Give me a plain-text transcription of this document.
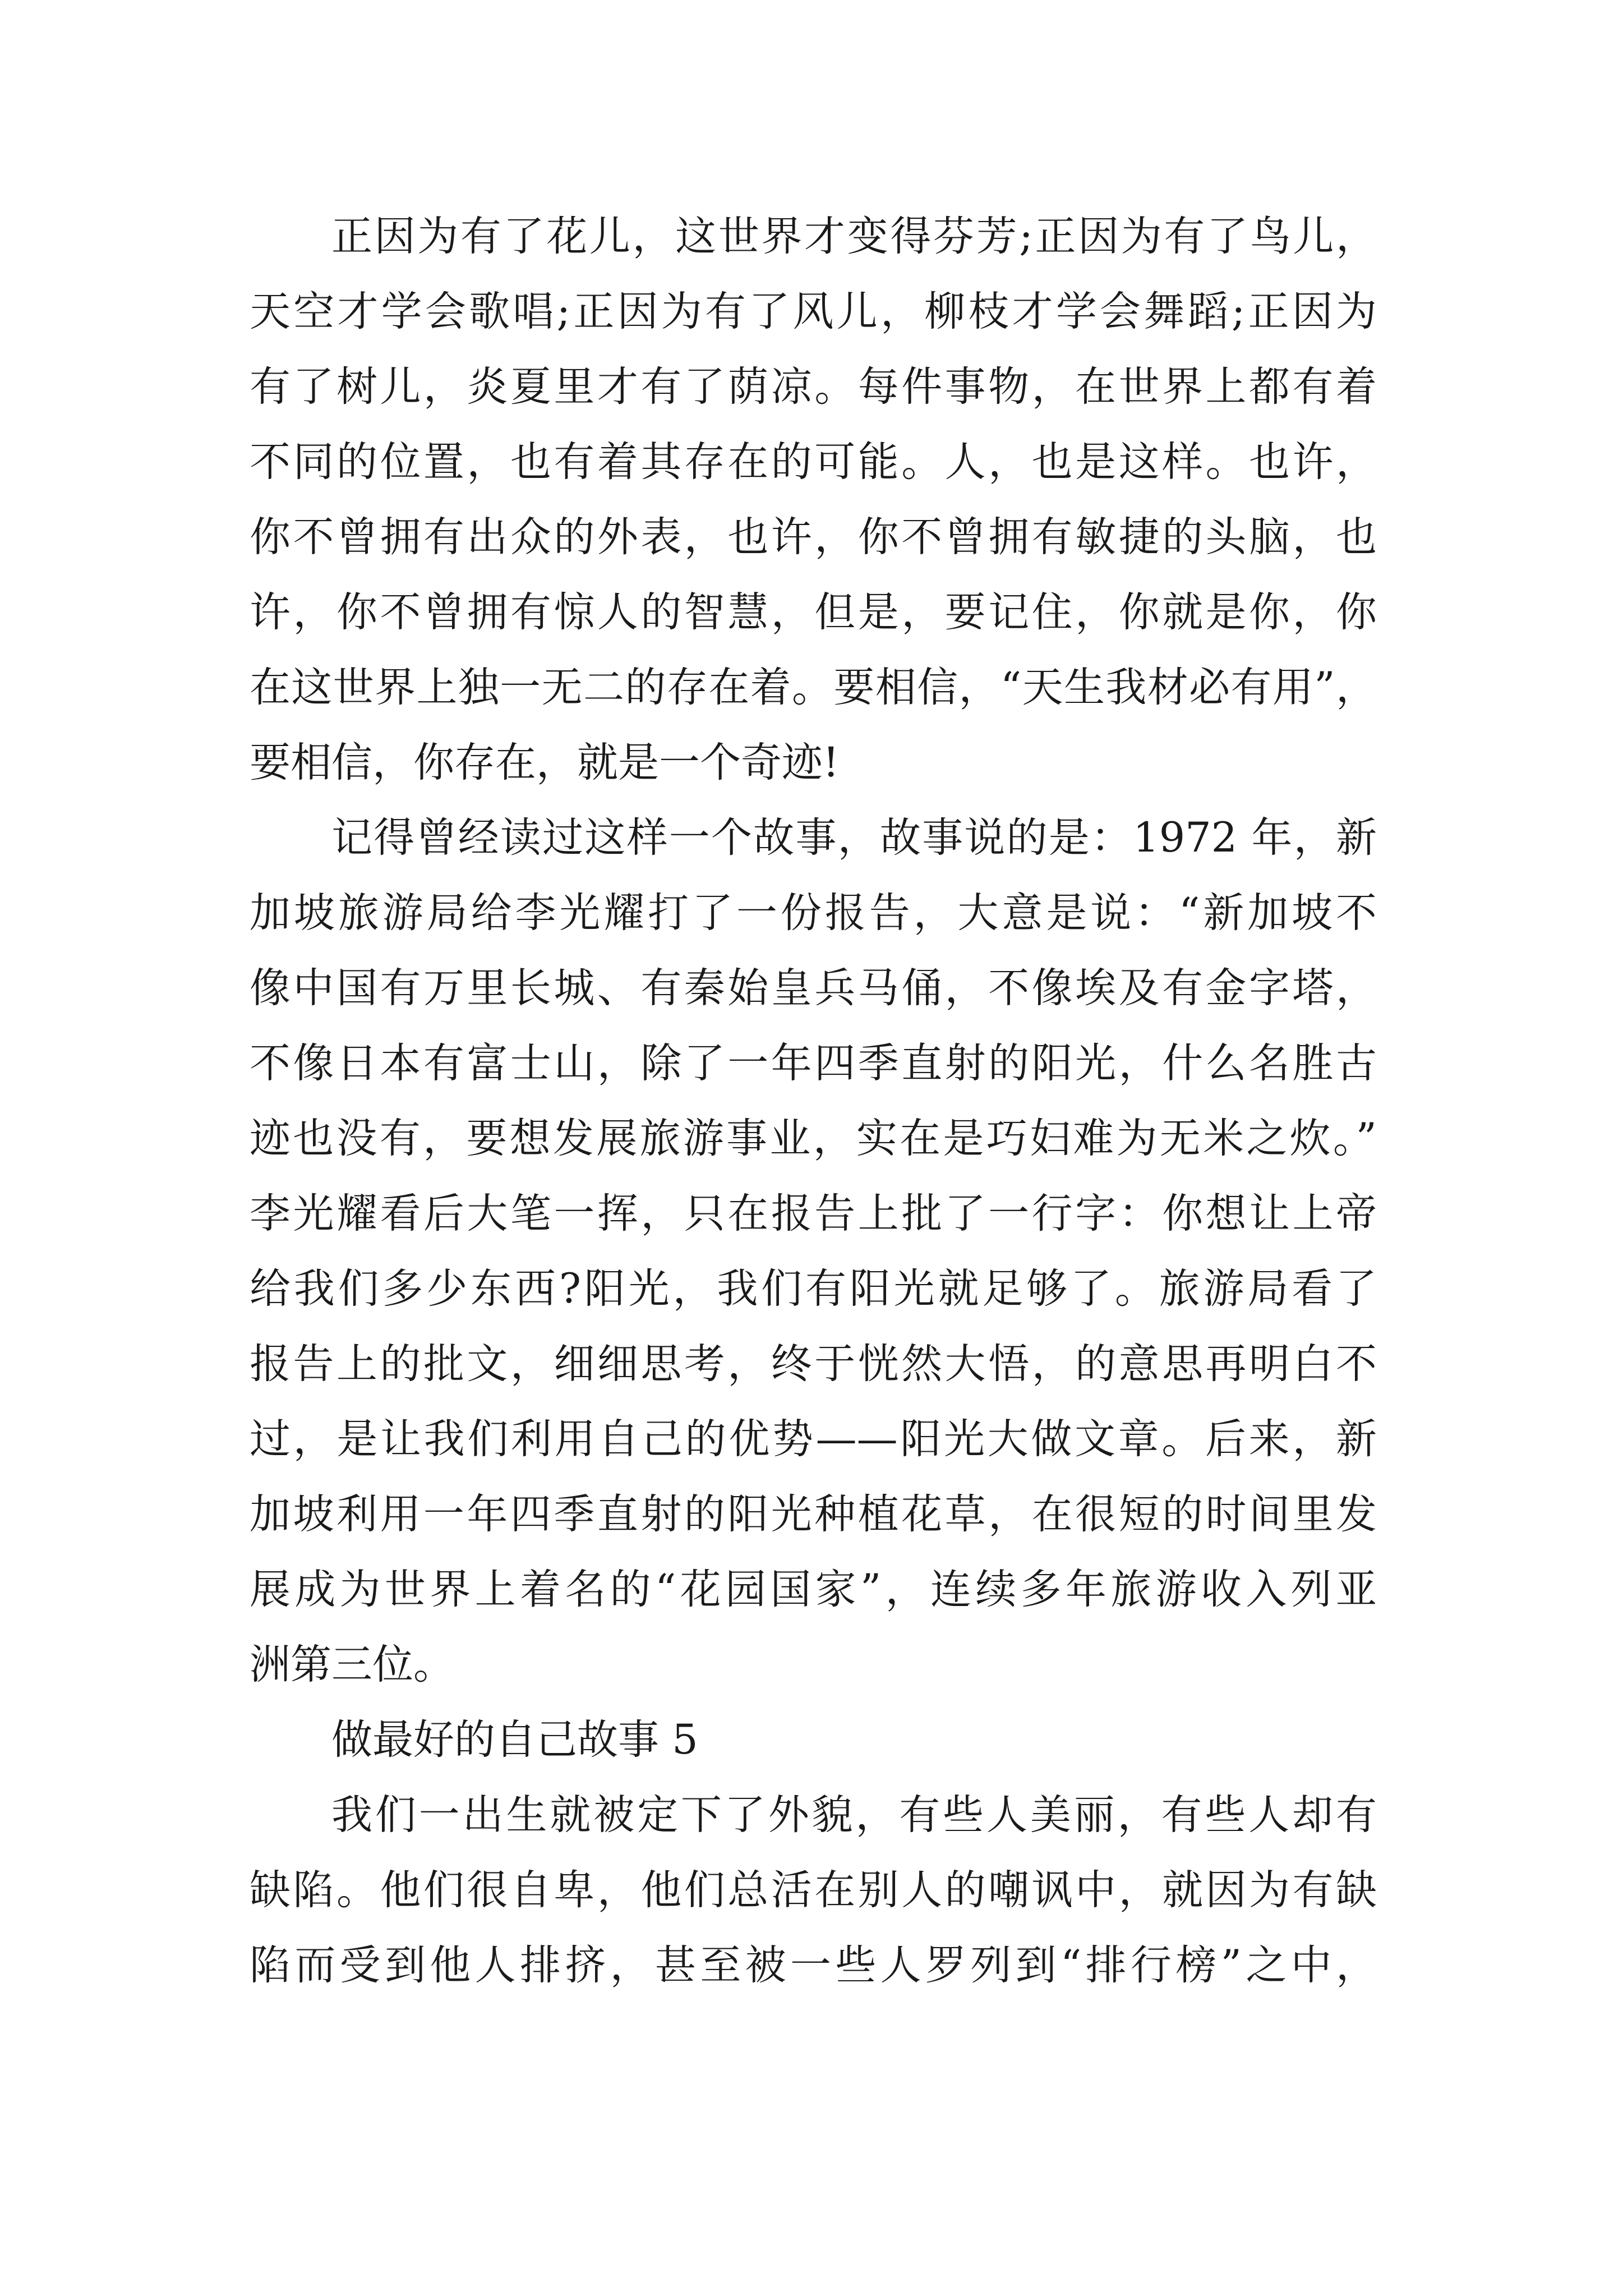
正因为有了花儿，这世界才变得芬芳;正因为有了鸟儿，
天空才学会歌唱;正因为有了风儿，柳枝才学会舞蹈;正因为
有了树儿，炎夏里才有了荫凉。每件事物，在世界上都有着
不同的位置，也有着其存在的可能。人，也是这样。也许，
你不曾拥有出众的外表，也许，你不曾拥有敏捷的头脑，也
许，你不曾拥有惊人的智慧，但是，要记住，你就是你，你
在这世界上独一无二的存在着。要相信，“天生我材必有用”，
要相信，你存在，就是一个奇迹!
记得曾经读过这样一个故事，故事说的是：1972 年，新
加坡旅游局给李光耀打了一份报告，大意是说：“新加坡不
像中国有万里长城、有秦始皇兵马俑，不像埃及有金字塔，
不像日本有富士山，除了一年四季直射的阳光，什么名胜古
迹也没有，要想发展旅游事业，实在是巧妇难为无米之炊。”
李光耀看后大笔一挥，只在报告上批了一行字：你想让上帝
给我们多少东西?阳光，我们有阳光就足够了。旅游局看了
报告上的批文，细细思考，终于恍然大悟，的意思再明白不
过，是让我们利用自己的优势——阳光大做文章。后来，新
加坡利用一年四季直射的阳光种植花草，在很短的时间里发
展成为世界上着名的“花园国家”，连续多年旅游收入列亚
洲第三位。
做最好的自己故事 5
我们一出生就被定下了外貌，有些人美丽，有些人却有
缺陷。他们很自卑，他们总活在别人的嘲讽中，就因为有缺
陷而受到他人排挤，甚至被一些人罗列到“排行榜”之中，
